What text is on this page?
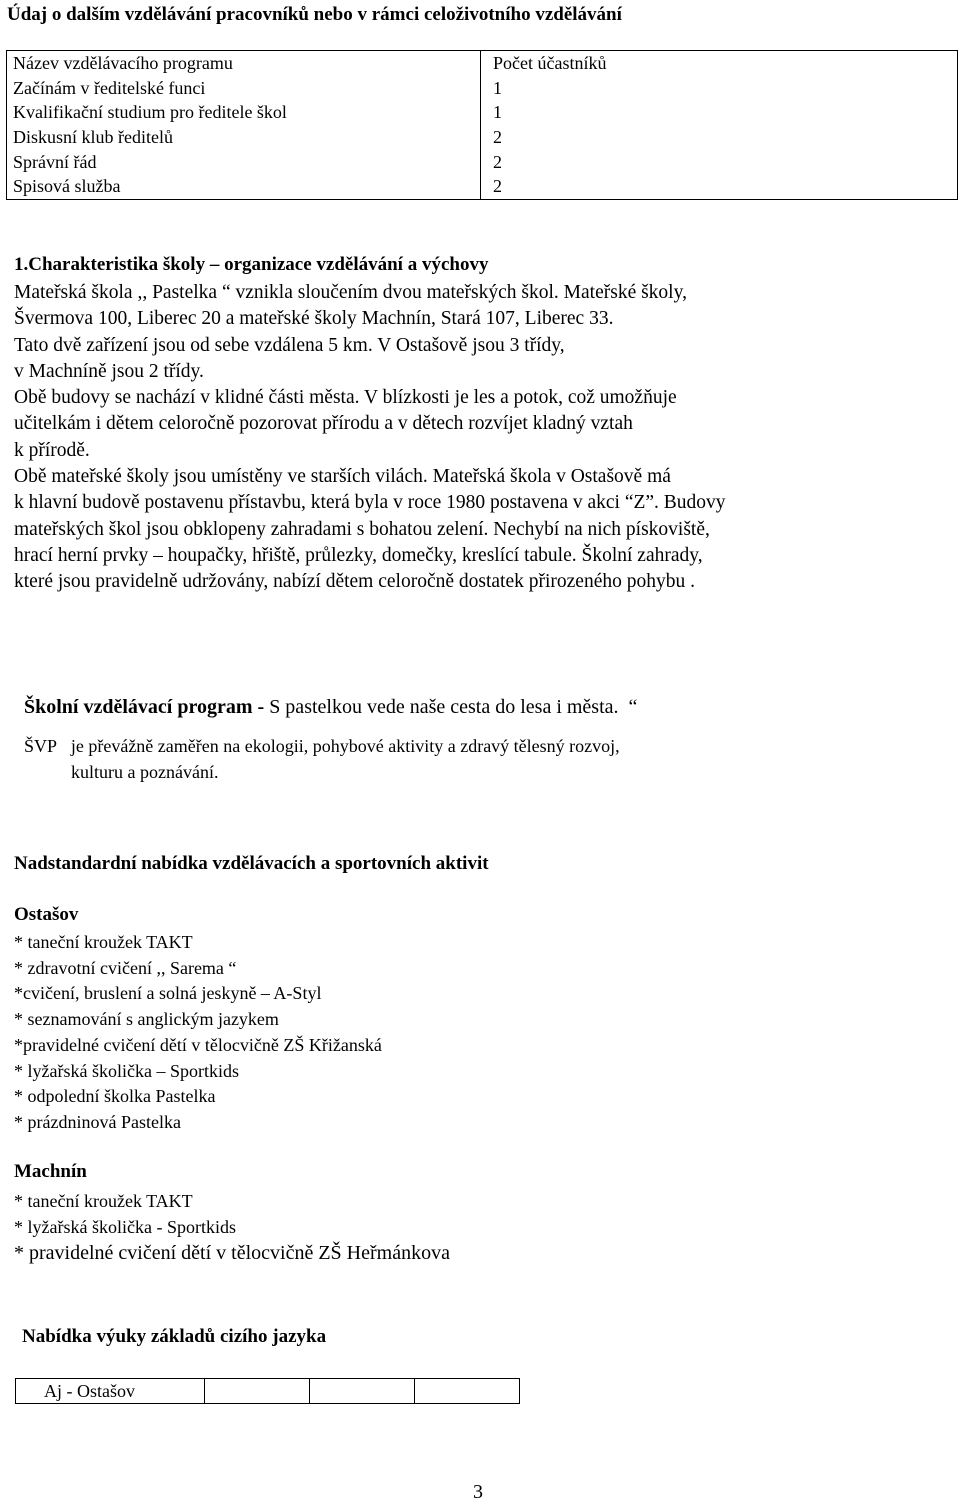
Údaj o dalším vzdělávání pracovníků nebo v rámci celoživotního vzdělávání
Název vzdělávacího programu	Počet účastníků
Začínám v ředitelské funci	1
Kvalifikační studium pro ředitele škol	1
Diskusní klub ředitelů	2
Správní řád	2
Spisová služba	2
1.Charakteristika školy – organizace vzdělávání a výchovy
Mateřská škola ,, Pastelka “ vznikla sloučením dvou mateřských škol. Mateřské školy,
Švermova 100, Liberec 20 a mateřské školy Machnín, Stará 107, Liberec 33.
Tato dvě zařízení jsou od sebe vzdálena 5 km. V Ostašově jsou 3 třídy,
v Machníně jsou 2 třídy.
Obě budovy se nachází v klidné části města. V blízkosti je les a potok, což umožňuje
učitelkám i dětem celoročně pozorovat přírodu a v dětech rozvíjet kladný vztah
k přírodě.
Obě mateřské školy jsou umístěny ve starších vilách. Mateřská škola v Ostašově má
k hlavní budově postavenu přístavbu, která byla v roce 1980 postavena v akci “Z”. Budovy
mateřských škol jsou obklopeny zahradami s bohatou zelení. Nechybí na nich pískoviště,
hrací herní prvky – houpačky, hřiště, průlezky, domečky, kreslící tabule. Školní zahrady,
které jsou pravidelně udržovány, nabízí dětem celoročně dostatek přirozeného pohybu .
Školní vzdělávací program - S pastelkou vede naše cesta do lesa i města. “
ŠVP je převážně zaměřen na ekologii, pohybové aktivity a zdravý tělesný rozvoj,
kulturu a poznávání.
Nadstandardní nabídka vzdělávacích a sportovních aktivit
Ostašov
* taneční kroužek TAKT
* zdravotní cvičení ,, Sarema “
*cvičení, bruslení a solná jeskyně – A-Styl
* seznamování s anglickým jazykem
*pravidelné cvičení dětí v tělocvičně ZŠ Křižanská
* lyžařská školička – Sportkids
* odpolední školka Pastelka
* prázdninová Pastelka
Machnín
* taneční kroužek TAKT
* lyžařská školička - Sportkids
* pravidelné cvičení dětí v tělocvičně ZŠ Heřmánkova
Nabídka výuky základů cizího jazyka
Aj - Ostašov			
3
